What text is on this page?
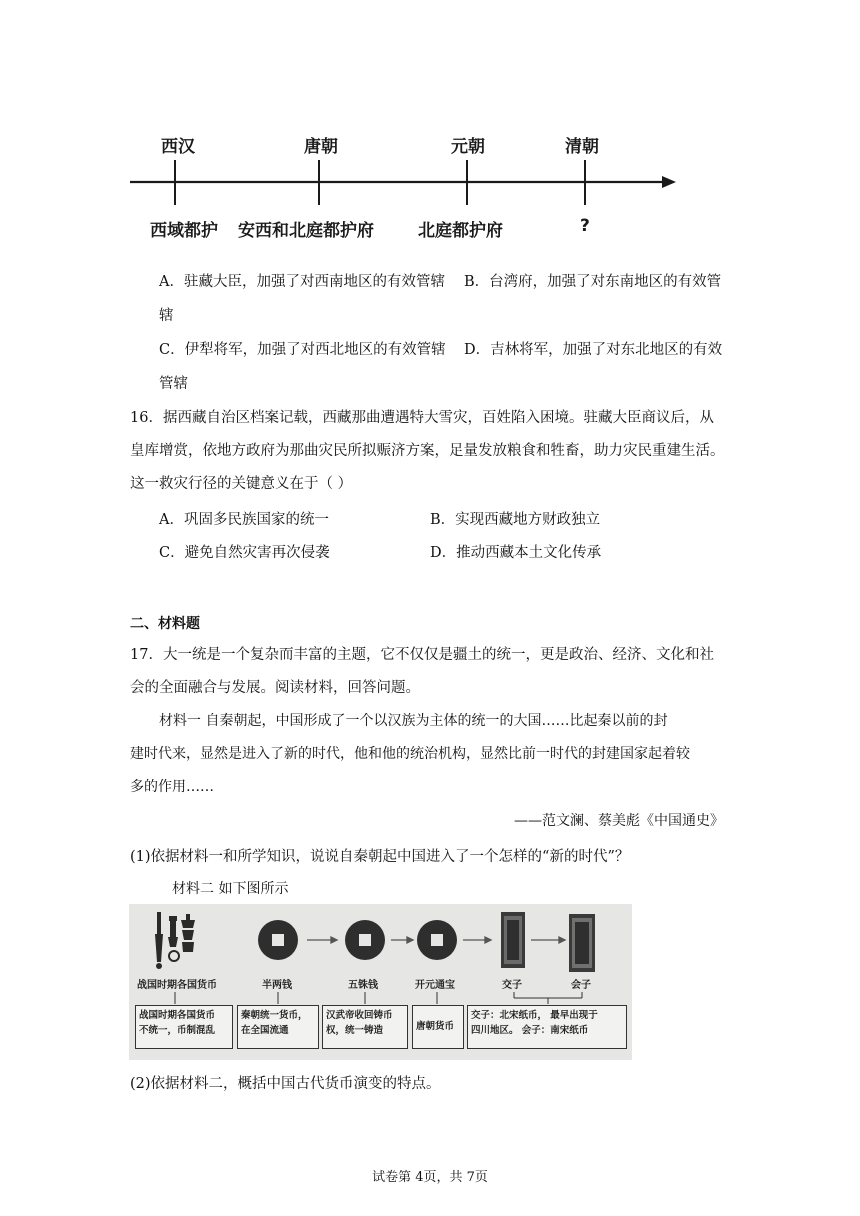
西汉	唐朝	元朝	清朝
西域都护 安西和北庭都护府	北庭都护府	?
A．驻藏大臣，加强了对西南地区的有效管辖 B．台湾府，加强了对东南地区的有效管
辖
C．伊犁将军，加强了对西北地区的有效管辖 D．吉林将军，加强了对东北地区的有效
管辖
16．据西藏自治区档案记载，西藏那曲遭遇特大雪灾，百姓陷入困境。驻藏大臣商议后，从
皇库增赏，依地方政府为那曲灾民所拟赈济方案，足量发放粮食和牲畜，助力灾民重建生活。
这一救灾行径的关键意义在于（ ）
A．巩固多民族国家的统一	B．实现西藏地方财政独立
C．避免自然灾害再次侵袭	D．推动西藏本土文化传承
二、材料题
17．大一统是一个复杂而丰富的主题，它不仅仅是疆土的统一，更是政治、经济、文化和社
会的全面融合与发展。阅读材料，回答问题。
材料一 自秦朝起，中国形成了一个以汉族为主体的统一的大国……比起秦以前的封
建时代来，显然是进入了新的时代，他和他的统治机构，显然比前一时代的封建国家起着较
多的作用……
——范文澜、蔡美彪《中国通史》
(1)依据材料一和所学知识，说说自秦朝起中国进入了一个怎样的“新的时代”？
材料二 如下图所示
战国时期各国货币	半两钱	五铢钱	开元通宝	交子	会子
战国时期各国货币
不统一，币制混乱
秦朝统一货币，
在全国流通
汉武帝收回铸币
权，统一铸造	唐朝货币
交子：北宋纸币， 最早出现于
四川地区。 会子：南宋纸币
(2)依据材料二，概括中国古代货币演变的特点。
试卷第 4页，共 7页
